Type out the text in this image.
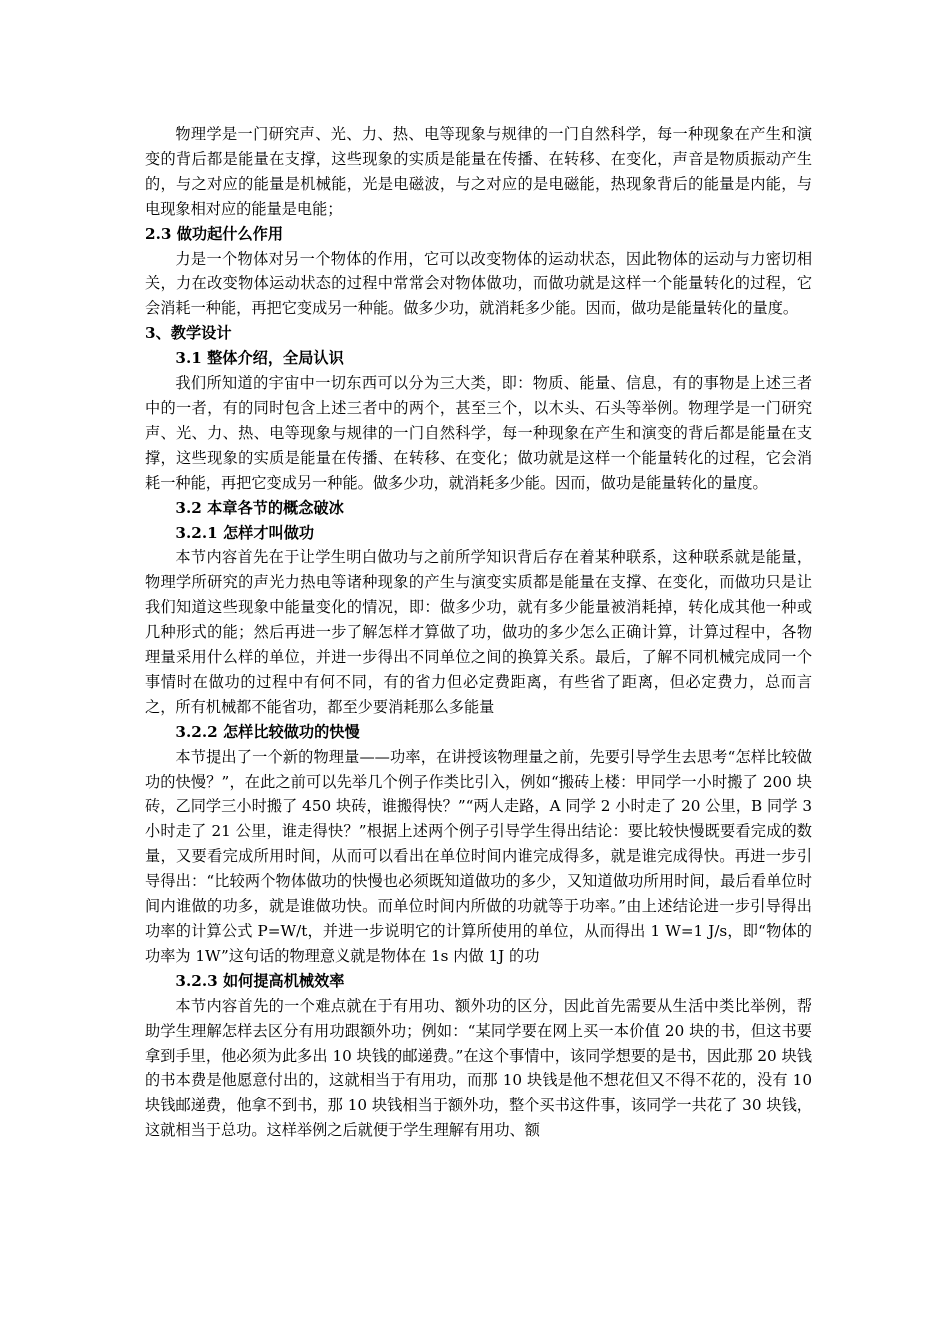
物理学是一门研究声、光、力、热、电等现象与规律的一门自然科学，每一种现象在产生和演变的背后都是能量在支撑，这些现象的实质是能量在传播、在转移、在变化，声音是物质振动产生的，与之对应的能量是机械能，光是电磁波，与之对应的是电磁能，热现象背后的能量是内能，与电现象相对应的能量是电能；

2.3 做功起什么作用

力是一个物体对另一个物体的作用，它可以改变物体的运动状态，因此物体的运动与力密切相关，力在改变物体运动状态的过程中常常会对物体做功，而做功就是这样一个能量转化的过程，它会消耗一种能，再把它变成另一种能。做多少功，就消耗多少能。因而，做功是能量转化的量度。

3、教学设计

3.1 整体介绍，全局认识

我们所知道的宇宙中一切东西可以分为三大类，即：物质、能量、信息，有的事物是上述三者中的一者，有的同时包含上述三者中的两个，甚至三个，以木头、石头等举例。物理学是一门研究声、光、力、热、电等现象与规律的一门自然科学，每一种现象在产生和演变的背后都是能量在支撑，这些现象的实质是能量在传播、在转移、在变化；做功就是这样一个能量转化的过程，它会消耗一种能，再把它变成另一种能。做多少功，就消耗多少能。因而，做功是能量转化的量度。

3.2 本章各节的概念破冰

3.2.1 怎样才叫做功

本节内容首先在于让学生明白做功与之前所学知识背后存在着某种联系，这种联系就是能量，物理学所研究的声光力热电等诸种现象的产生与演变实质都是能量在支撑、在变化，而做功只是让我们知道这些现象中能量变化的情况，即：做多少功，就有多少能量被消耗掉，转化成其他一种或几种形式的能；然后再进一步了解怎样才算做了功，做功的多少怎么正确计算，计算过程中，各物理量采用什么样的单位，并进一步得出不同单位之间的换算关系。最后，了解不同机械完成同一个事情时在做功的过程中有何不同，有的省力但必定费距离，有些省了距离，但必定费力，总而言之，所有机械都不能省功，都至少要消耗那么多能量

3.2.2 怎样比较做功的快慢

本节提出了一个新的物理量——功率，在讲授该物理量之前，先要引导学生去思考“怎样比较做功的快慢？”，在此之前可以先举几个例子作类比引入，例如“搬砖上楼：甲同学一小时搬了 200 块砖，乙同学三小时搬了 450 块砖，谁搬得快？”“两人走路，A 同学 2 小时走了 20 公里，B 同学 3 小时走了 21 公里，谁走得快？”根据上述两个例子引导学生得出结论：要比较快慢既要看完成的数量，又要看完成所用时间，从而可以看出在单位时间内谁完成得多，就是谁完成得快。再进一步引导得出：“比较两个物体做功的快慢也必须既知道做功的多少，又知道做功所用时间，最后看单位时间内谁做的功多，就是谁做功快。而单位时间内所做的功就等于功率。”由上述结论进一步引导得出功率的计算公式 P=W/t，并进一步说明它的计算所使用的单位，从而得出 1 W=1 J/s，即“物体的功率为 1W”这句话的物理意义就是物体在 1s 内做 1J 的功

3.2.3 如何提高机械效率

本节内容首先的一个难点就在于有用功、额外功的区分，因此首先需要从生活中类比举例，帮助学生理解怎样去区分有用功跟额外功；例如：“某同学要在网上买一本价值 20 块的书，但这书要拿到手里，他必须为此多出 10 块钱的邮递费。”在这个事情中，该同学想要的是书，因此那 20 块钱的书本费是他愿意付出的，这就相当于有用功，而那 10 块钱是他不想花但又不得不花的，没有 10 块钱邮递费，他拿不到书，那 10 块钱相当于额外功，整个买书这件事，该同学一共花了 30 块钱，这就相当于总功。这样举例之后就便于学生理解有用功、额
